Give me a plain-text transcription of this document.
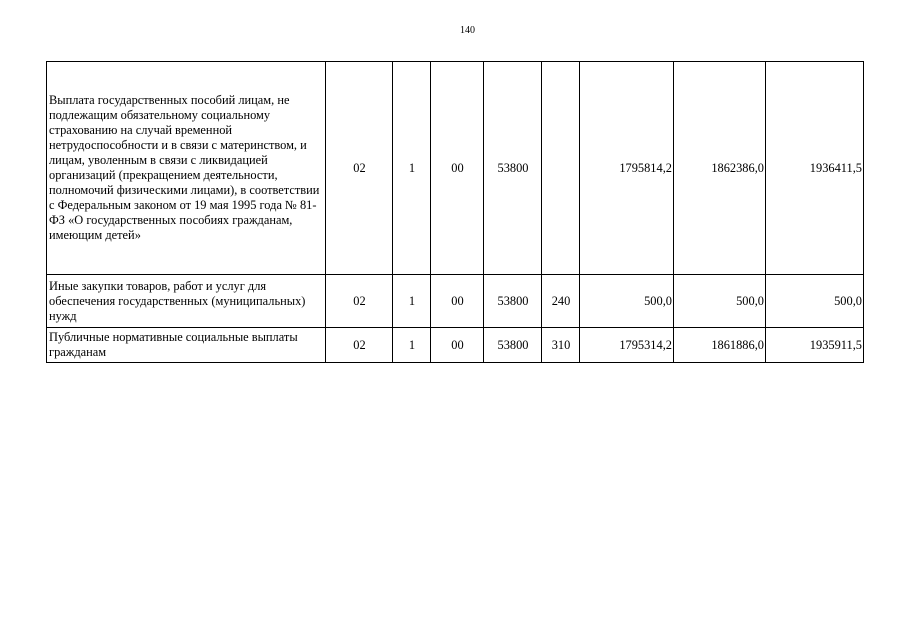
140
Выплата государственных пособий лицам, не подлежащим обязательному социальному страхованию на случай временной нетрудоспособности и в связи с материнством, и лицам, уволенным в связи с ликвидацией организаций (прекращением деятельности, полномочий физическими лицами), в соответствии с Федеральным законом от 19 мая 1995 года № 81-ФЗ «О государственных пособиях гражданам, имеющим детей»	02	1	00	53800		1795814,2	1862386,0	1936411,5
Иные закупки товаров, работ и услуг для обеспечения государственных (муниципальных) нужд	02	1	00	53800	240	500,0	500,0	500,0
Публичные нормативные социальные выплаты гражданам	02	1	00	53800	310	1795314,2	1861886,0	1935911,5
